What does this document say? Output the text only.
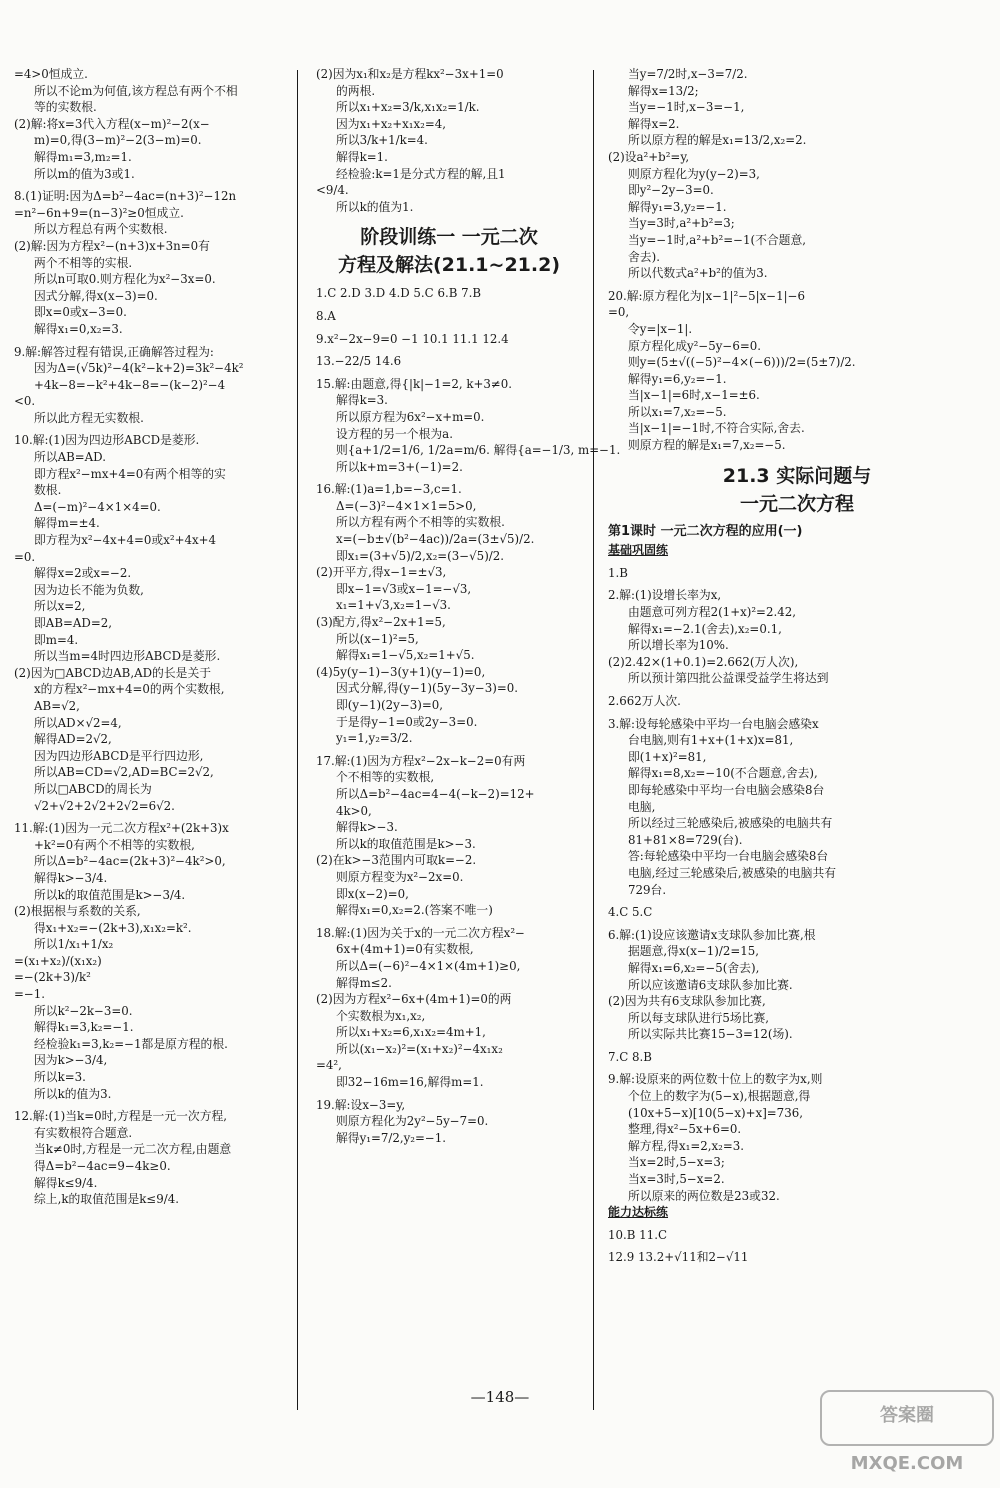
=4>0恒成立.
所以不论m为何值,该方程总有两个不相
等的实数根.
(2)解:将x=3代入方程(x−m)²−2(x−
m)=0,得(3−m)²−2(3−m)=0.
解得m₁=3,m₂=1.
所以m的值为3或1.
8.(1)证明:因为Δ=b²−4ac=(n+3)²−12n
=n²−6n+9=(n−3)²≥0恒成立.
所以方程总有两个实数根.
(2)解:因为方程x²−(n+3)x+3n=0有
两个不相等的实根.
所以n可取0.则方程化为x²−3x=0.
因式分解,得x(x−3)=0.
即x=0或x−3=0.
解得x₁=0,x₂=3.
9.解:解答过程有错误,正确解答过程为:
因为Δ=(√5k)²−4(k²−k+2)=3k²−4k²
+4k−8=−k²+4k−8=−(k−2)²−4
<0.
所以此方程无实数根.
10.解:(1)因为四边形ABCD是菱形.
所以AB=AD.
即方程x²−mx+4=0有两个相等的实
数根.
Δ=(−m)²−4×1×4=0.
解得m=±4.
即方程为x²−4x+4=0或x²+4x+4
=0.
解得x=2或x=−2.
因为边长不能为负数,
所以x=2,
即AB=AD=2,
即m=4.
所以当m=4时四边形ABCD是菱形.
(2)因为□ABCD边AB,AD的长是关于
x的方程x²−mx+4=0的两个实数根,
AB=√2,
所以AD×√2=4,
解得AD=2√2,
因为四边形ABCD是平行四边形,
所以AB=CD=√2,AD=BC=2√2,
所以□ABCD的周长为
√2+√2+2√2+2√2=6√2.
11.解:(1)因为一元二次方程x²+(2k+3)x
+k²=0有两个不相等的实数根,
所以Δ=b²−4ac=(2k+3)²−4k²>0,
解得k>−3/4.
所以k的取值范围是k>−3/4.
(2)根据根与系数的关系,
得x₁+x₂=−(2k+3),x₁x₂=k².
所以1/x₁+1/x₂
=(x₁+x₂)/(x₁x₂)
=−(2k+3)/k²
=−1.
所以k²−2k−3=0.
解得k₁=3,k₂=−1.
经检验k₁=3,k₂=−1都是原方程的根.
因为k>−3/4,
所以k=3.
所以k的值为3.
12.解:(1)当k=0时,方程是一元一次方程,
有实数根符合题意.
当k≠0时,方程是一元二次方程,由题意
得Δ=b²−4ac=9−4k≥0.
解得k≤9/4.
综上,k的取值范围是k≤9/4.
(2)因为x₁和x₂是方程kx²−3x+1=0
的两根.
所以x₁+x₂=3/k,x₁x₂=1/k.
因为x₁+x₂+x₁x₂=4,
所以3/k+1/k=4.
解得k=1.
经检验:k=1是分式方程的解,且1
<9/4.
所以k的值为1.
阶段训练一 一元二次
方程及解法(21.1~21.2)
1.C 2.D 3.D 4.D 5.C 6.B 7.B
8.A
9.x²−2x−9=0 −1 10.1 11.1 12.4
13.−22/5 14.6
15.解:由题意,得{|k|−1=2, k+3≠0.
解得k=3.
所以原方程为6x²−x+m=0.
设方程的另一个根为a.
则{a+1/2=1/6, 1/2a=m/6. 解得{a=−1/3, m=−1.
所以k+m=3+(−1)=2.
16.解:(1)a=1,b=−3,c=1.
Δ=(−3)²−4×1×1=5>0,
所以方程有两个不相等的实数根.
x=(−b±√(b²−4ac))/2a=(3±√5)/2.
即x₁=(3+√5)/2,x₂=(3−√5)/2.
(2)开平方,得x−1=±√3,
即x−1=√3或x−1=−√3,
x₁=1+√3,x₂=1−√3.
(3)配方,得x²−2x+1=5,
所以(x−1)²=5,
解得x₁=1−√5,x₂=1+√5.
(4)5y(y−1)−3(y+1)(y−1)=0,
因式分解,得(y−1)(5y−3y−3)=0.
即(y−1)(2y−3)=0,
于是得y−1=0或2y−3=0.
y₁=1,y₂=3/2.
17.解:(1)因为方程x²−2x−k−2=0有两
个不相等的实数根,
所以Δ=b²−4ac=4−4(−k−2)=12+
4k>0,
解得k>−3.
所以k的取值范围是k>−3.
(2)在k>−3范围内可取k=−2.
则原方程变为x²−2x=0.
即x(x−2)=0,
解得x₁=0,x₂=2.(答案不唯一)
18.解:(1)因为关于x的一元二次方程x²−
6x+(4m+1)=0有实数根,
所以Δ=(−6)²−4×1×(4m+1)≥0,
解得m≤2.
(2)因为方程x²−6x+(4m+1)=0的两
个实数根为x₁,x₂,
所以x₁+x₂=6,x₁x₂=4m+1,
所以(x₁−x₂)²=(x₁+x₂)²−4x₁x₂
=4²,
即32−16m=16,解得m=1.
19.解:设x−3=y,
则原方程化为2y²−5y−7=0.
解得y₁=7/2,y₂=−1.
当y=7/2时,x−3=7/2.
解得x=13/2;
当y=−1时,x−3=−1,
解得x=2.
所以原方程的解是x₁=13/2,x₂=2.
(2)设a²+b²=y,
则原方程化为y(y−2)=3,
即y²−2y−3=0.
解得y₁=3,y₂=−1.
当y=3时,a²+b²=3;
当y=−1时,a²+b²=−1(不合题意,
舍去).
所以代数式a²+b²的值为3.
20.解:原方程化为|x−1|²−5|x−1|−6
=0,
令y=|x−1|.
原方程化成y²−5y−6=0.
则y=(5±√((−5)²−4×(−6)))/2=(5±7)/2.
解得y₁=6,y₂=−1.
当|x−1|=6时,x−1=±6.
所以x₁=7,x₂=−5.
当|x−1|=−1时,不符合实际,舍去.
则原方程的解是x₁=7,x₂=−5.
21.3 实际问题与
一元二次方程
第1课时 一元二次方程的应用(一)
基础巩固练
1.B
2.解:(1)设增长率为x,
由题意可列方程2(1+x)²=2.42,
解得x₁=−2.1(舍去),x₂=0.1,
所以增长率为10%.
(2)2.42×(1+0.1)=2.662(万人次),
所以预计第四批公益课受益学生将达到
2.662万人次.
3.解:设每轮感染中平均一台电脑会感染x
台电脑,则有1+x+(1+x)x=81,
即(1+x)²=81,
解得x₁=8,x₂=−10(不合题意,舍去),
即每轮感染中平均一台电脑会感染8台
电脑,
所以经过三轮感染后,被感染的电脑共有
81+81×8=729(台).
答:每轮感染中平均一台电脑会感染8台
电脑,经过三轮感染后,被感染的电脑共有
729台.
4.C 5.C
6.解:(1)设应该邀请x支球队参加比赛,根
据题意,得x(x−1)/2=15,
解得x₁=6,x₂=−5(舍去),
所以应该邀请6支球队参加比赛.
(2)因为共有6支球队参加比赛,
所以每支球队进行5场比赛,
所以实际共比赛15−3=12(场).
7.C 8.B
9.解:设原来的两位数十位上的数字为x,则
个位上的数字为(5−x),根据题意,得
(10x+5−x)[10(5−x)+x]=736,
整理,得x²−5x+6=0.
解方程,得x₁=2,x₂=3.
当x=2时,5−x=3;
当x=3时,5−x=2.
所以原来的两位数是23或32.
能力达标练
10.B 11.C
12.9 13.2+√11和2−√11
—148—
答案圈 MXQE.COM
